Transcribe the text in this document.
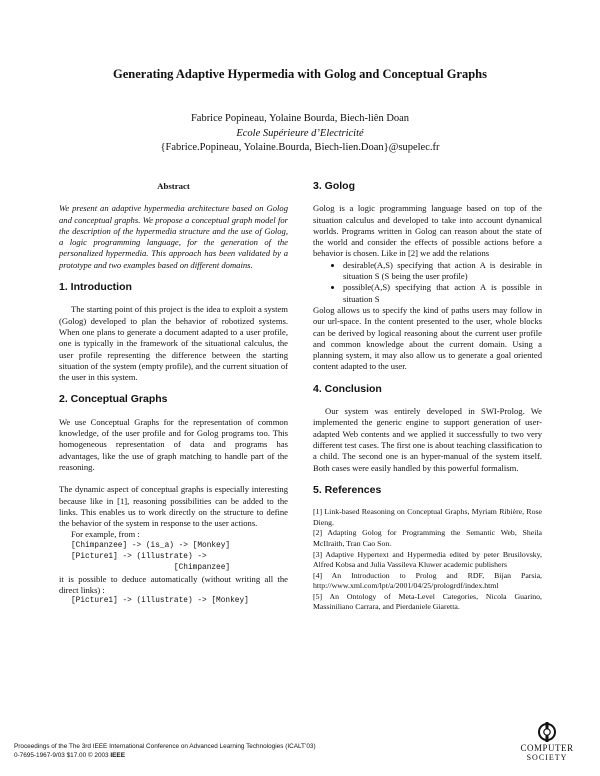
Generating Adaptive Hypermedia with Golog and Conceptual Graphs
Fabrice Popineau, Yolaine Bourda, Biech-liên Doan
Ecole Supérieure d’Electricité
{Fabrice.Popineau, Yolaine.Bourda, Biech-lien.Doan}@supelec.fr
Abstract

We present an adaptive hypermedia architecture based on Golog and conceptual graphs. We propose a conceptual graph model for the description of the hypermedia structure and the use of Golog, a logic programming language, for the generation of the personalized hypermedia. This approach has been validated by a prototype and two examples based on different domains.

1. Introduction

The starting point of this project is the idea to exploit a system (Golog) developed to plan the behavior of robotized systems. When one plans to generate a document adapted to a user profile, one is typically in the framework of the situational calculus, the user profile representing the difference between the starting situation of the system (empty profile), and the current situation of the user in this system.

2. Conceptual Graphs

We use Conceptual Graphs for the representation of common knowledge, of the user profile and for Golog programs too. This homogeneous representation of data and programs has advantages, like the use of graph matching to handle part of the reasoning.

The dynamic aspect of conceptual graphs is especially interesting because like in [1], reasoning possibilities can be added to the links. This enables us to work directly on the structure to define the behavior of the system in response to the user actions.

For example, from :

[Chimpanzee] -> (is_a) -> [Monkey]
[Picture1] -> (illustrate) ->
[Chimpanzee]

it is possible to deduce automatically (without writing all the direct links) :

[Picture1] -> (illustrate) -> [Monkey]
3. Golog

Golog is a logic programming language based on top of the situation calculus and developed to take into account dynamical worlds. Programs written in Golog can reason about the state of the world and consider the effects of possible actions before a behavior is chosen. Like in [2] we add the relations

• desirable(A,S) specifying that action A is desirable in situation S (S being the user profile)
• possible(A,S) specifying that action A is possible in situation S

Golog allows us to specify the kind of paths users may follow in our url-space. In the content presented to the user, whole blocks can be derived by logical reasoning about the current user profile and common knowledge about the current domain. Using a planning system, it may also allow us to generate a goal oriented content adapted to the user.

4. Conclusion

Our system was entirely developed in SWI-Prolog. We implemented the generic engine to support generation of user-adapted Web contents and we applied it successfully to two very different test cases. The first one is about teaching classification to a child. The second one is an hyper-manual of the system itself. Both cases were easily handled by this powerful formalism.

5. References

[1] Link-based Reasoning on Conceptual Graphs, Myriam Ribière, Rose Dieng.

[2] Adapting Golog for Programming the Semantic Web, Sheila McIlraith, Tran Cao Son.

[3] Adaptive Hypertext and Hypermedia edited by peter Brusilovsky, Alfred Kobsa and Julia Vassileva Kluwer academic publishers

[4] An Introduction to Prolog and RDF, Bijan Parsia, http://www.xml.com/lpt/a/2001/04/25/prologrdf/index.html

[5] An Ontology of Meta-Level Categories, Nicola Guarino, Massiniliano Carrara, and Pierdaniele Giaretta.

Proceedings of the The 3rd IEEE International Conference on Advanced Learning Technologies (ICALT’03)
0-7695-1967-9/03 $17.00 © 2003 IEEE
COMPUTER
SOCIETY
